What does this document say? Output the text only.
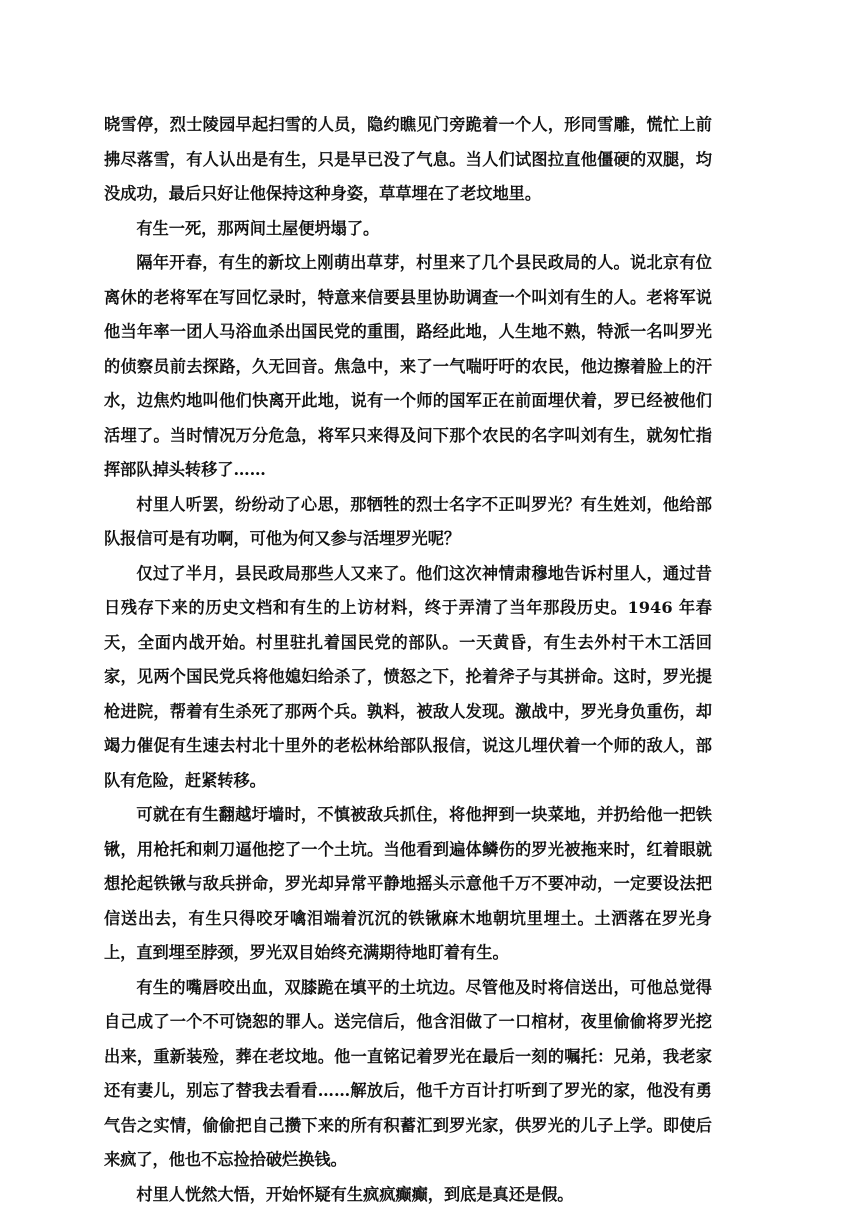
晓雪停，烈士陵园早起扫雪的人员，隐约瞧见门旁跪着一个人，形同雪雕，慌忙上前拂尽落雪，有人认出是有生，只是早已没了气息。当人们试图拉直他僵硬的双腿，均没成功，最后只好让他保持这种身姿，草草埋在了老坟地里。

有生一死，那两间土屋便坍塌了。

隔年开春，有生的新坟上刚萌出草芽，村里来了几个县民政局的人。说北京有位离休的老将军在写回忆录时，特意来信要县里协助调查一个叫刘有生的人。老将军说他当年率一团人马浴血杀出国民党的重围，路经此地，人生地不熟，特派一名叫罗光的侦察员前去探路，久无回音。焦急中，来了一气喘吁吁的农民，他边擦着脸上的汗水，边焦灼地叫他们快离开此地，说有一个师的国军正在前面埋伏着，罗已经被他们活埋了。当时情况万分危急，将军只来得及问下那个农民的名字叫刘有生，就匆忙指挥部队掉头转移了……

村里人听罢，纷纷动了心思，那牺牲的烈士名字不正叫罗光？有生姓刘，他给部队报信可是有功啊，可他为何又参与活埋罗光呢？

仅过了半月，县民政局那些人又来了。他们这次神情肃穆地告诉村里人，通过昔日残存下来的历史文档和有生的上访材料，终于弄清了当年那段历史。1946 年春天，全面内战开始。村里驻扎着国民党的部队。一天黄昏，有生去外村干木工活回家，见两个国民党兵将他媳妇给杀了，愤怒之下，抡着斧子与其拼命。这时，罗光提枪进院，帮着有生杀死了那两个兵。孰料，被敌人发现。激战中，罗光身负重伤，却竭力催促有生速去村北十里外的老松林给部队报信，说这儿埋伏着一个师的敌人，部队有危险，赶紧转移。

可就在有生翻越圩墙时，不慎被敌兵抓住，将他押到一块菜地，并扔给他一把铁锹，用枪托和刺刀逼他挖了一个土坑。当他看到遍体鳞伤的罗光被拖来时，红着眼就想抡起铁锹与敌兵拼命，罗光却异常平静地摇头示意他千万不要冲动，一定要设法把信送出去，有生只得咬牙噙泪端着沉沉的铁锹麻木地朝坑里埋土。土洒落在罗光身上，直到埋至脖颈，罗光双目始终充满期待地盯着有生。

有生的嘴唇咬出血，双膝跪在填平的土坑边。尽管他及时将信送出，可他总觉得自己成了一个不可饶恕的罪人。送完信后，他含泪做了一口棺材，夜里偷偷将罗光挖出来，重新装殓，葬在老坟地。他一直铭记着罗光在最后一刻的嘱托：兄弟，我老家还有妻儿，别忘了替我去看看……解放后，他千方百计打听到了罗光的家，他没有勇气告之实情，偷偷把自己攒下来的所有积蓄汇到罗光家，供罗光的儿子上学。即使后来疯了，他也不忘捡拾破烂换钱。

村里人恍然大悟，开始怀疑有生疯疯癫癫，到底是真还是假。
